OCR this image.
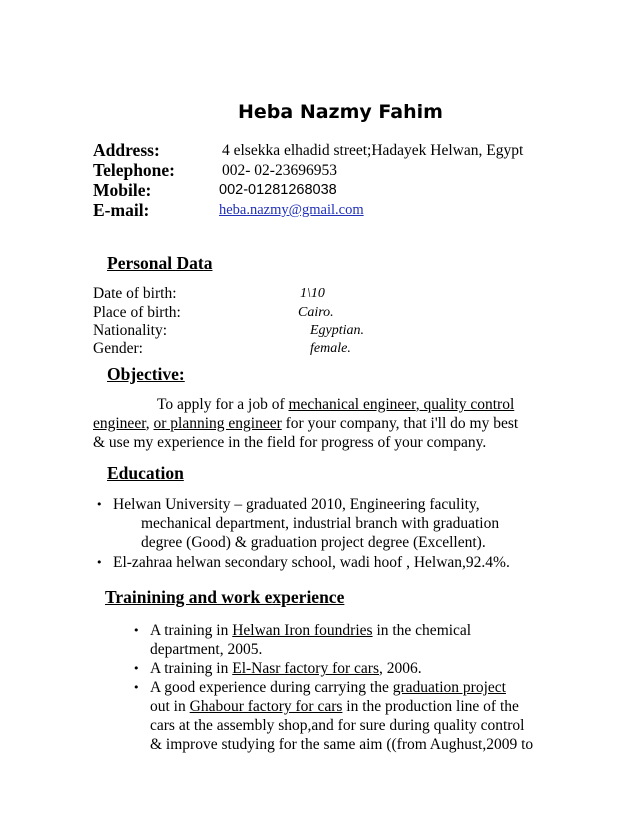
Heba Nazmy Fahim
Address:	4 elsekka elhadid street;Hadayek Helwan, Egypt
Telephone:	002- 02-23696953
Mobile:	002-01281268038
E-mail:	heba.nazmy@gmail.com
Personal Data
Date of birth:	1\10
Place of birth:	Cairo.
Nationality:	Egyptian.
Gender:	female.
Objective:
To apply for a job of mechanical engineer, quality control
engineer, or planning engineer for your company, that i'll do my best
& use my experience in the field for progress of your company.
Education
• Helwan University – graduated 2010, Engineering faculity,
mechanical department, industrial branch with graduation
degree (Good) & graduation project degree (Excellent).
• El-zahraa helwan secondary school, wadi hoof , Helwan,92.4%.
Trainining and work experience
• A training in Helwan Iron foundries in the chemical
department, 2005.
• A training in El-Nasr factory for cars, 2006.
• A good experience during carrying the graduation project
out in Ghabour factory for cars in the production line of the
cars at the assembly shop,and for sure during quality control
& improve studying for the same aim ((from Aughust,2009 to
